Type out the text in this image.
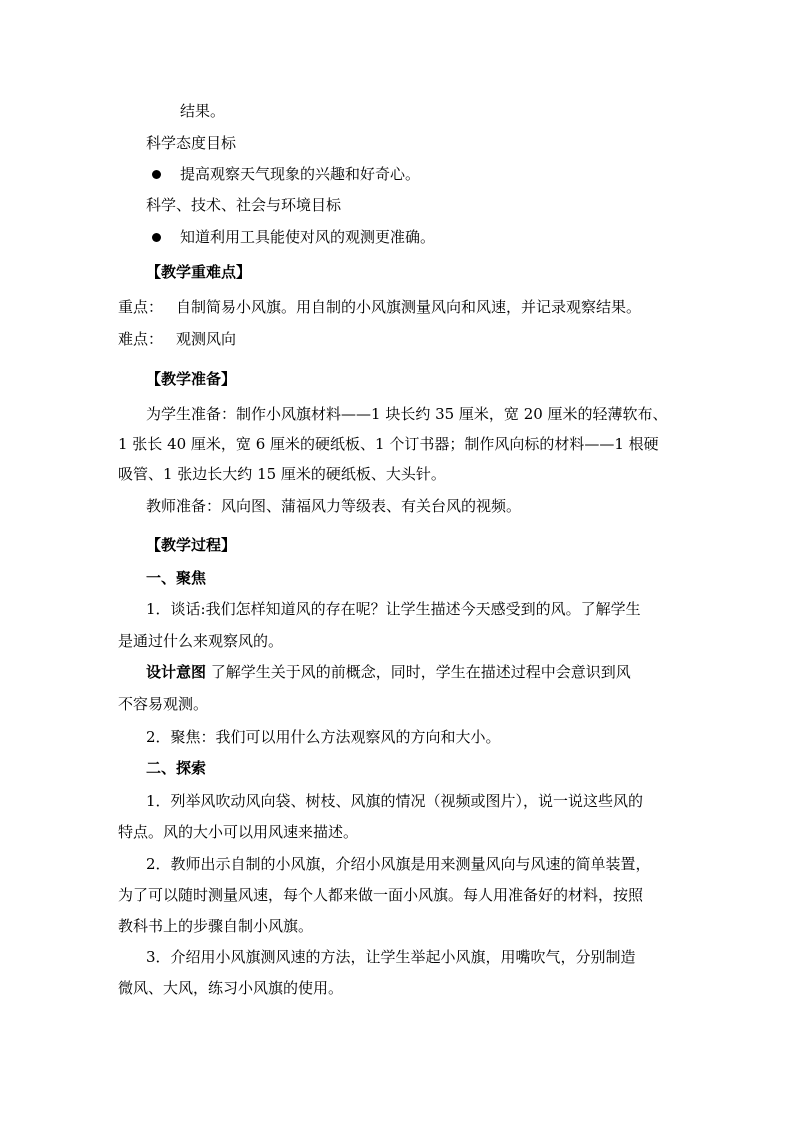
结果。
科学态度目标
提高观察天气现象的兴趣和好奇心。
科学、技术、社会与环境目标
知道利用工具能使对风的观测更准确。
【教学重难点】
重点： 自制简易小风旗。用自制的小风旗测量风向和风速，并记录观察结果。
难点： 观测风向
【教学准备】
为学生准备：制作小风旗材料——1 块长约 35 厘米，宽 20 厘米的轻薄软布、
1 张长 40 厘米，宽 6 厘米的硬纸板、1 个订书器；制作风向标的材料——1 根硬
吸管、1 张边长大约 15 厘米的硬纸板、大头针。
教师准备：风向图、蒲福风力等级表、有关台风的视频。
【教学过程】
一、聚焦
1．谈话:我们怎样知道风的存在呢？让学生描述今天感受到的风。了解学生
是通过什么来观察风的。
设计意图 了解学生关于风的前概念，同时，学生在描述过程中会意识到风
不容易观测。
2．聚焦：我们可以用什么方法观察风的方向和大小。
二、探索
1．列举风吹动风向袋、树枝、风旗的情况（视频或图片），说一说这些风的
特点。风的大小可以用风速来描述。
2．教师出示自制的小风旗，介绍小风旗是用来测量风向与风速的简单装置，
为了可以随时测量风速，每个人都来做一面小风旗。每人用准备好的材料，按照
教科书上的步骤自制小风旗。
3．介绍用小风旗测风速的方法，让学生举起小风旗，用嘴吹气，分别制造
微风、大风，练习小风旗的使用。
